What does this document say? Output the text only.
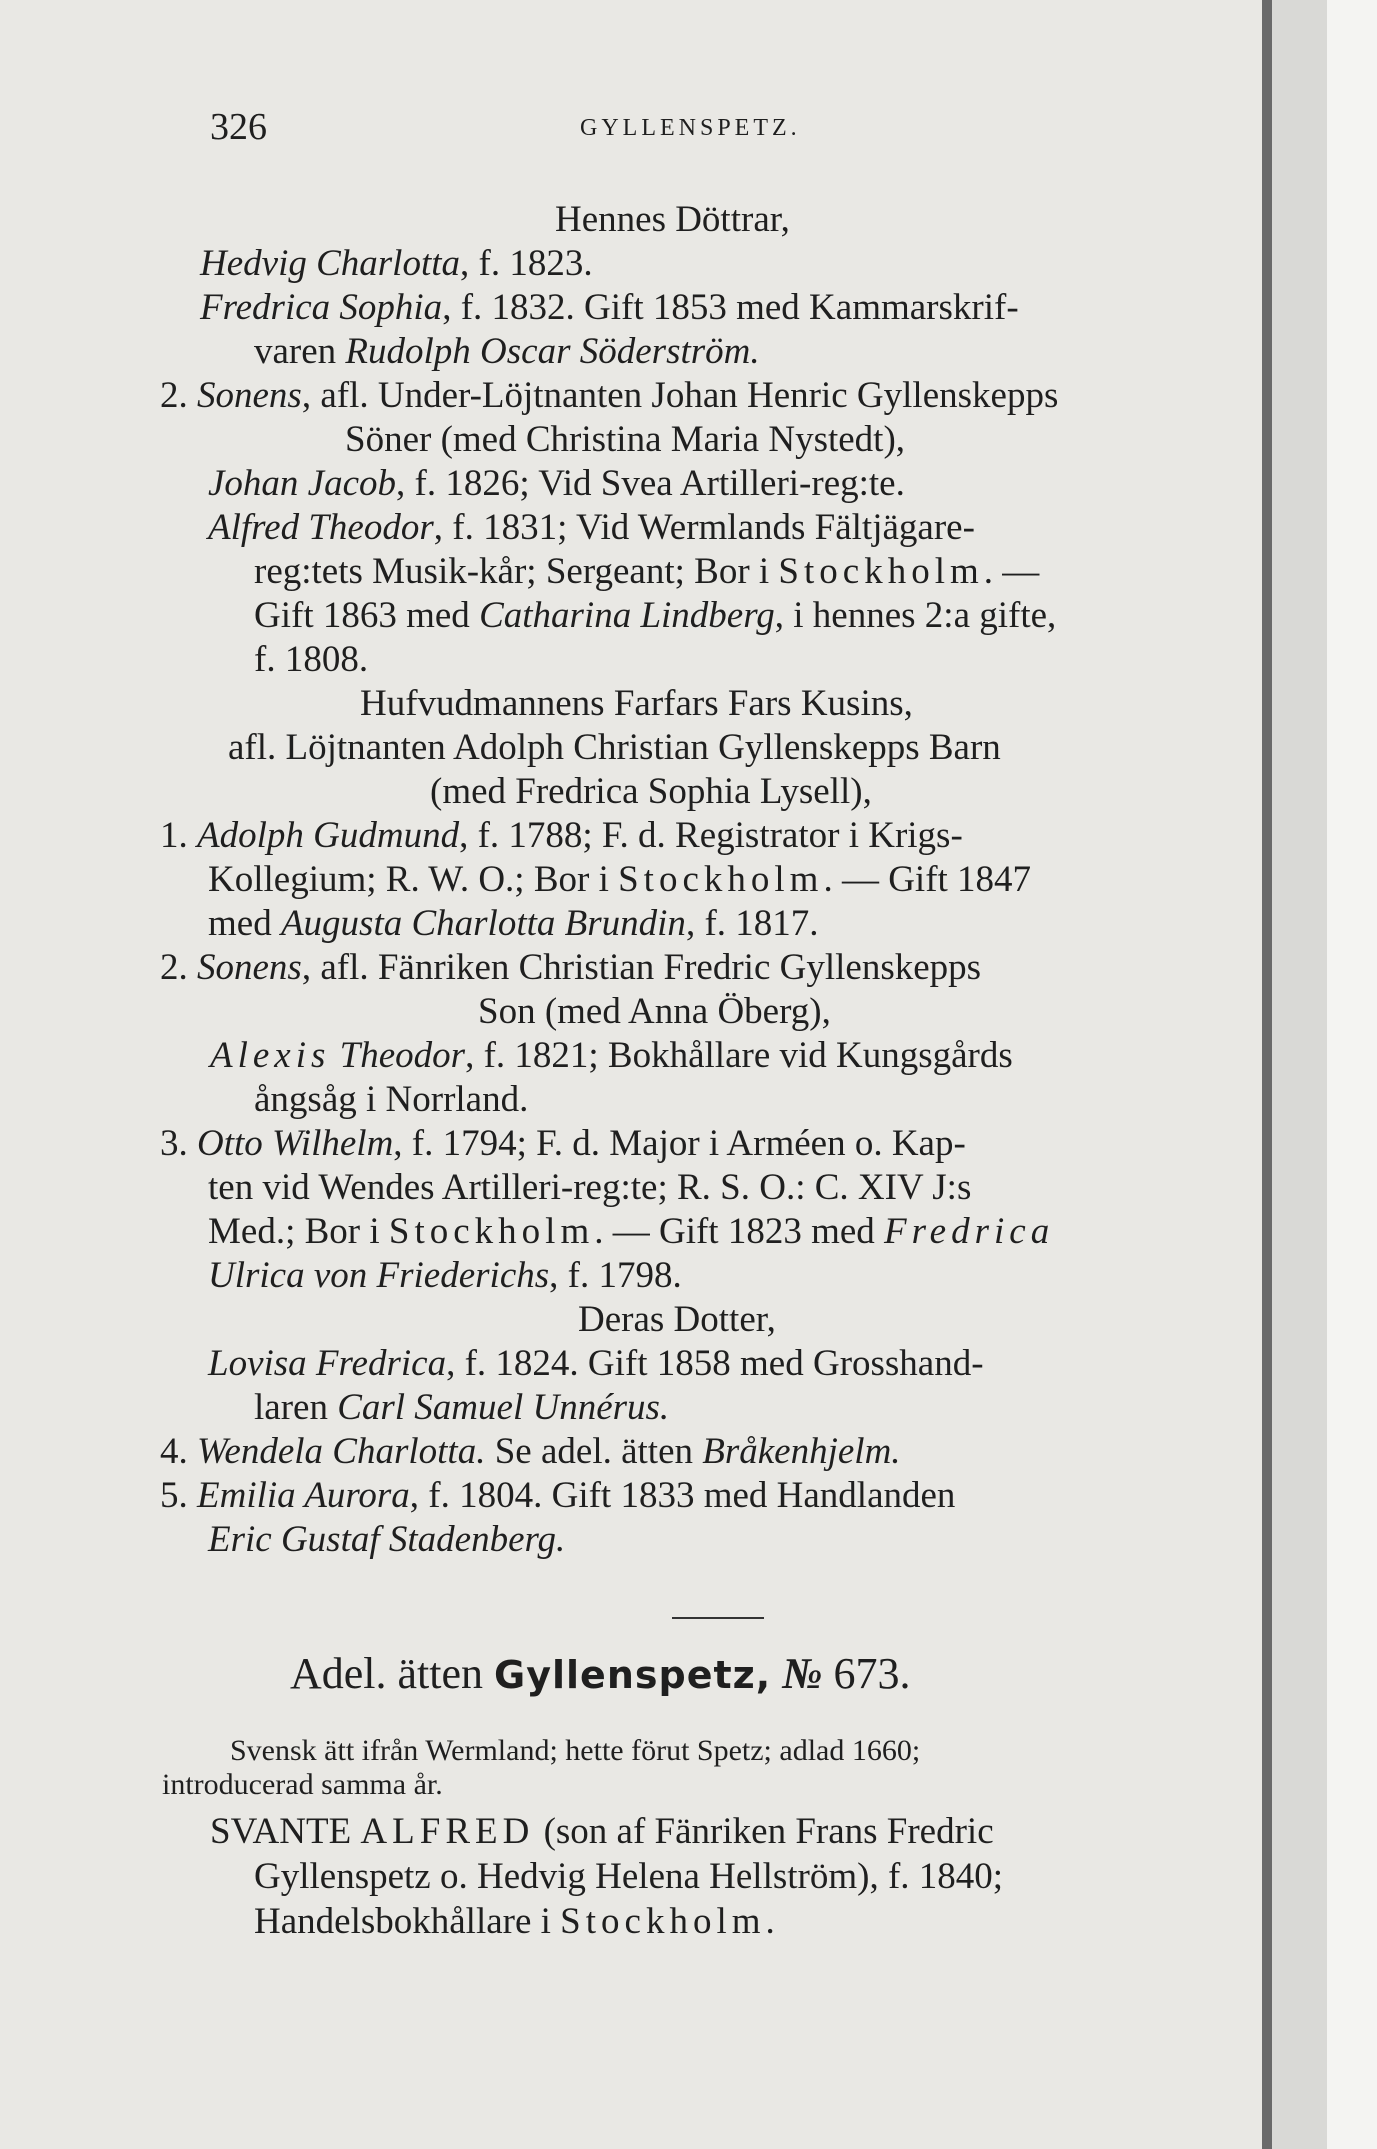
326	GYLLENSPETZ.
Hennes Döttrar,
Hedvig Charlotta, f. 1823.
Fredrica Sophia, f. 1832. Gift 1853 med Kammarskrif-
varen Rudolph Oscar Söderström.
2. Sonens, afl. Under-Löjtnanten Johan Henric Gyllenskepps
Söner (med Christina Maria Nystedt),
Johan Jacob, f. 1826; Vid Svea Artilleri-reg:te.
Alfred Theodor, f. 1831; Vid Wermlands Fältjägare-
reg:tets Musik-kår; Sergeant; Bor i Stockholm. —
Gift 1863 med Catharina Lindberg, i hennes 2:a gifte,
f. 1808.
Hufvudmannens Farfars Fars Kusins,
afl. Löjtnanten Adolph Christian Gyllenskepps Barn
(med Fredrica Sophia Lysell),
1. Adolph Gudmund, f. 1788; F. d. Registrator i Krigs-
Kollegium; R. W. O.; Bor i Stockholm. — Gift 1847
med Augusta Charlotta Brundin, f. 1817.
2. Sonens, afl. Fänriken Christian Fredric Gyllenskepps
Son (med Anna Öberg),
Alexis Theodor, f. 1821; Bokhållare vid Kungsgårds
ångsåg i Norrland.
3. Otto Wilhelm, f. 1794; F. d. Major i Arméen o. Kap-
ten vid Wendes Artilleri-reg:te; R. S. O.: C. XIV J:s
Med.; Bor i Stockholm. — Gift 1823 med Fredrica
Ulrica von Friederichs, f. 1798.
Deras Dotter,
Lovisa Fredrica, f. 1824. Gift 1858 med Grosshand-
laren Carl Samuel Unnérus.
4. Wendela Charlotta. Se adel. ätten Bråkenhjelm.
5. Emilia Aurora, f. 1804. Gift 1833 med Handlanden
Eric Gustaf Stadenberg.
Adel. ätten Gyllenspetz, № 673.
Svensk ätt ifrån Wermland; hette förut Spetz; adlad 1660;
introducerad samma år.
SVANTE ALFRED (son af Fänriken Frans Fredric
Gyllenspetz o. Hedvig Helena Hellström), f. 1840;
Handelsbokhållare i Stockholm.
